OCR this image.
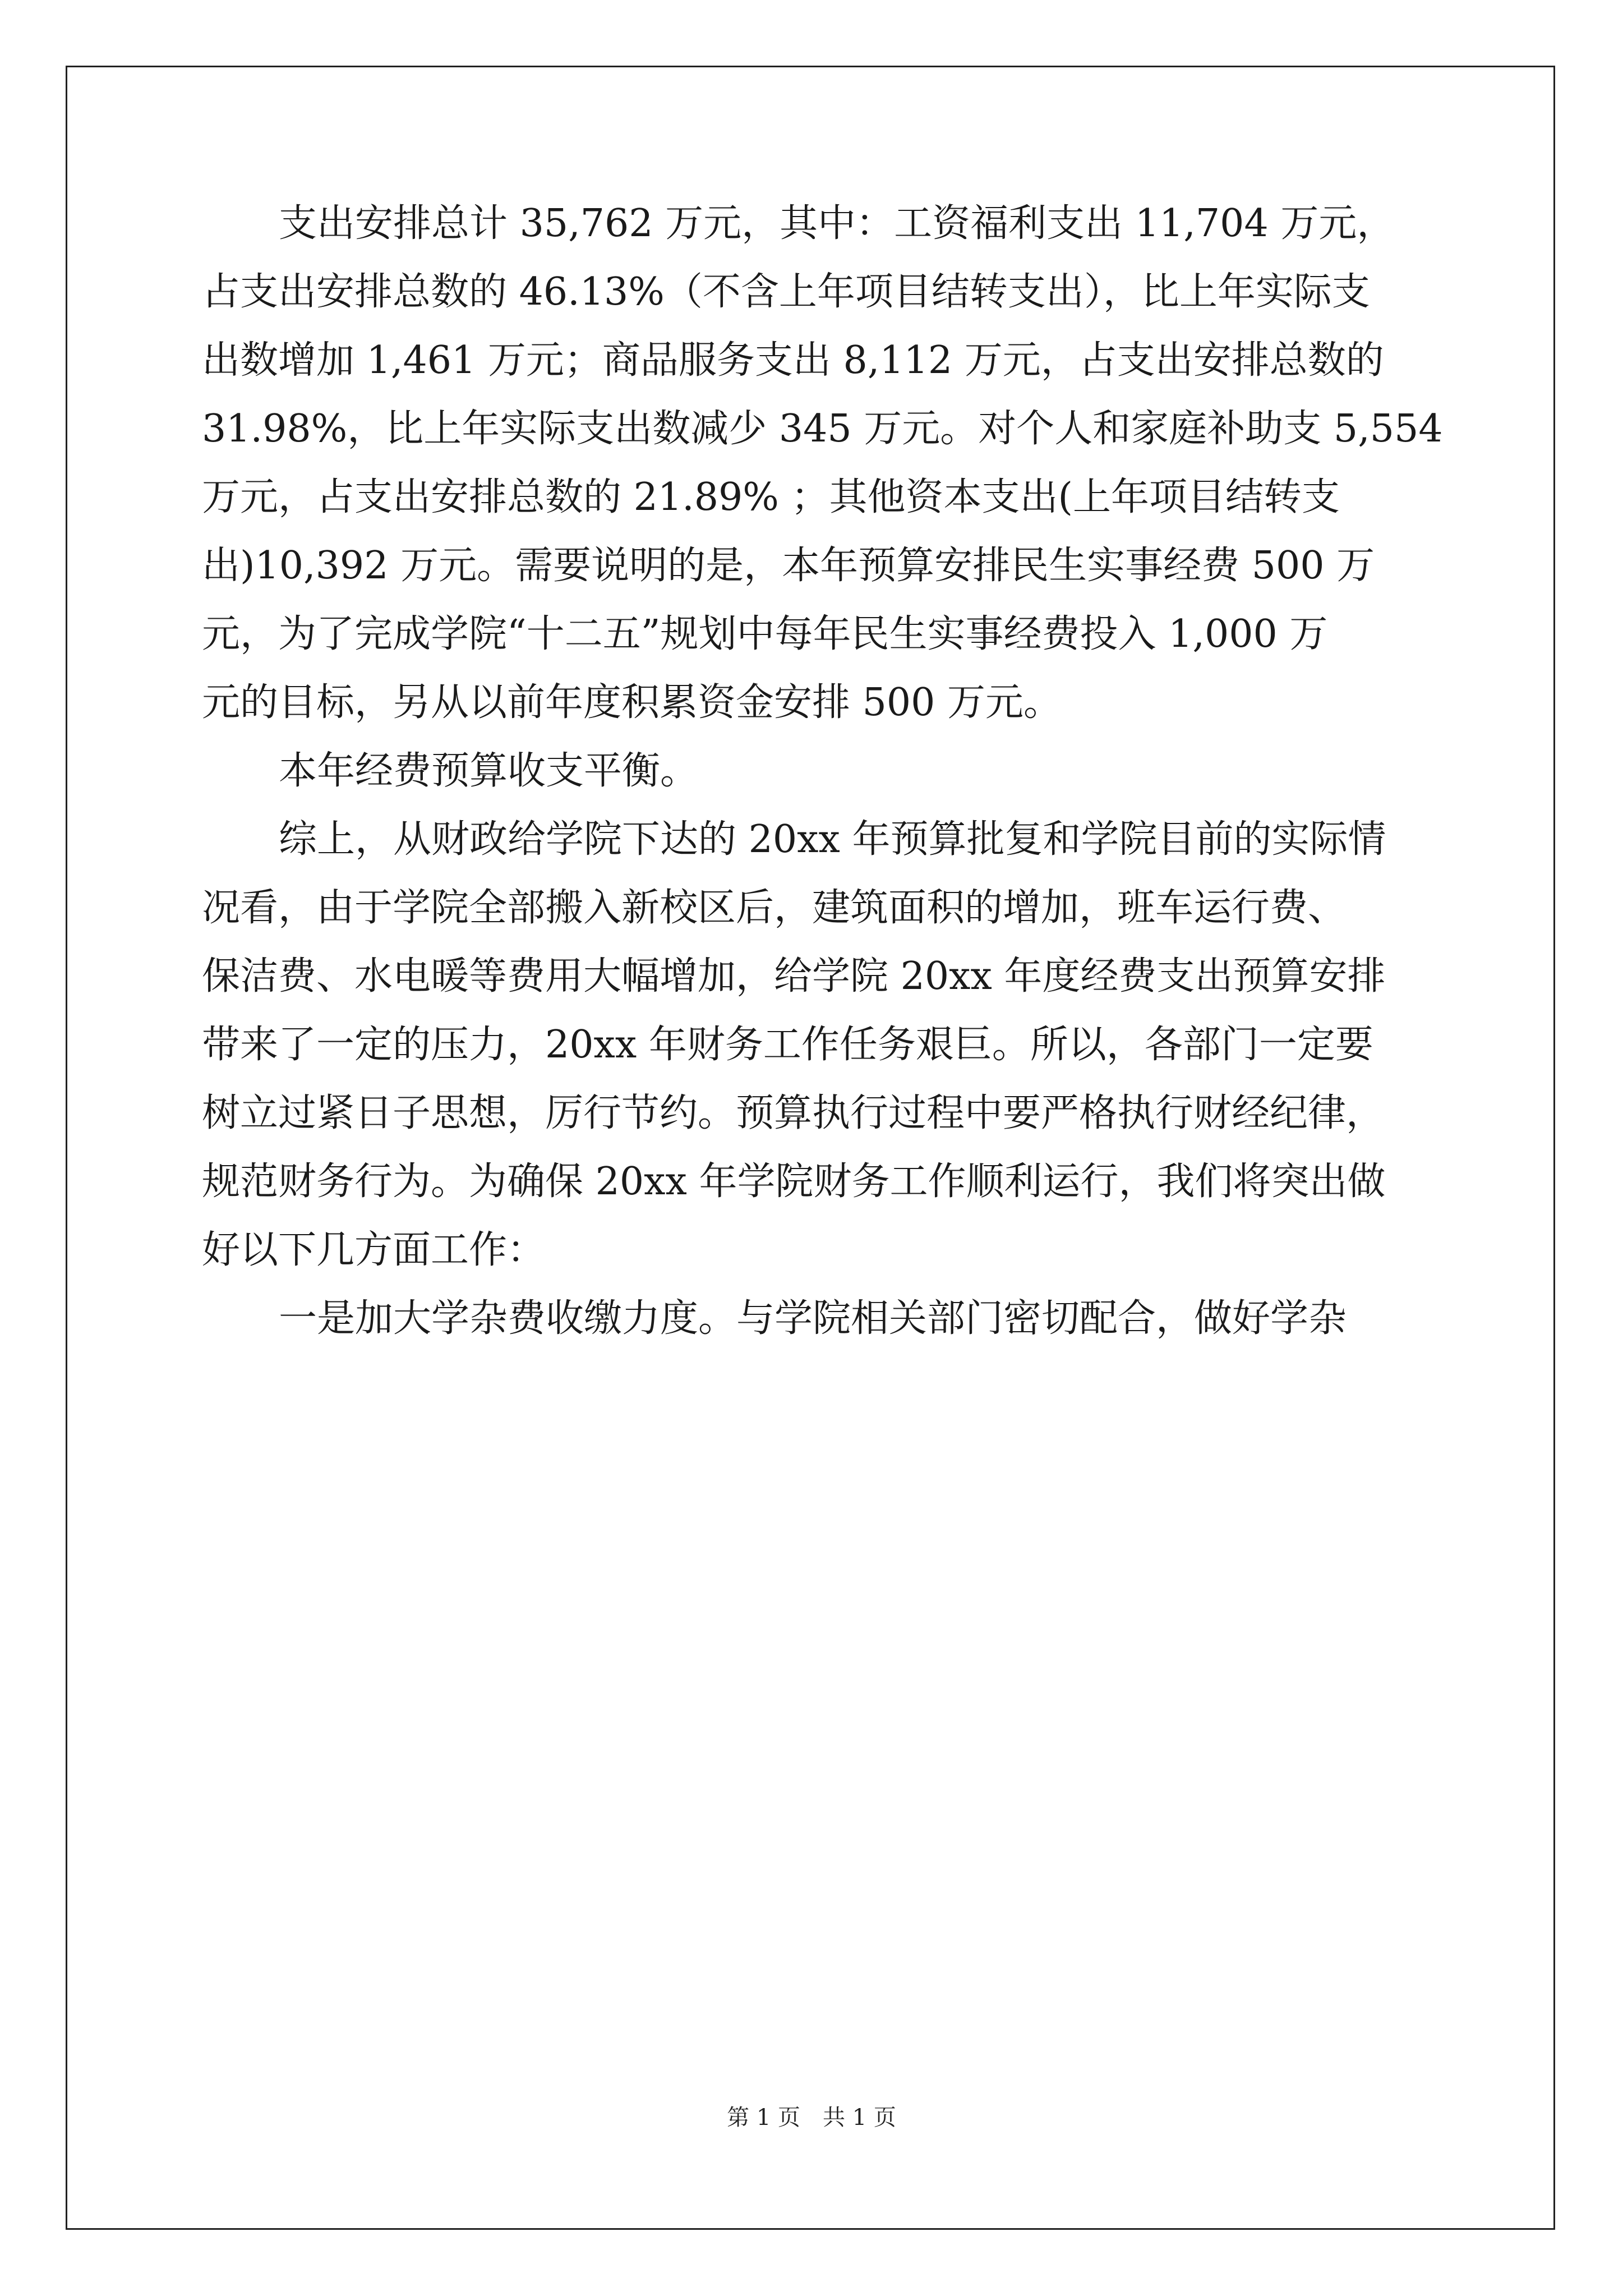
支出安排总计 35,762 万元，其中：工资福利支出 11,704 万元，
占支出安排总数的 46.13%（不含上年项目结转支出），比上年实际支
出数增加 1,461 万元；商品服务支出 8,112 万元，占支出安排总数的
31.98%，比上年实际支出数减少 345 万元。对个人和家庭补助支 5,554
万元，占支出安排总数的 21.89% ；其他资本支出(上年项目结转支
出)10,392 万元。需要说明的是，本年预算安排民生实事经费 500 万
元，为了完成学院“十二五”规划中每年民生实事经费投入 1,000 万
元的目标，另从以前年度积累资金安排 500 万元。
本年经费预算收支平衡。
综上，从财政给学院下达的 20xx 年预算批复和学院目前的实际情
况看，由于学院全部搬入新校区后，建筑面积的增加，班车运行费、
保洁费、水电暖等费用大幅增加，给学院 20xx 年度经费支出预算安排
带来了一定的压力，20xx 年财务工作任务艰巨。所以，各部门一定要
树立过紧日子思想，厉行节约。预算执行过程中要严格执行财经纪律，
规范财务行为。为确保 20xx 年学院财务工作顺利运行，我们将突出做
好以下几方面工作：
一是加大学杂费收缴力度。与学院相关部门密切配合，做好学杂
第 1 页　共 1 页
